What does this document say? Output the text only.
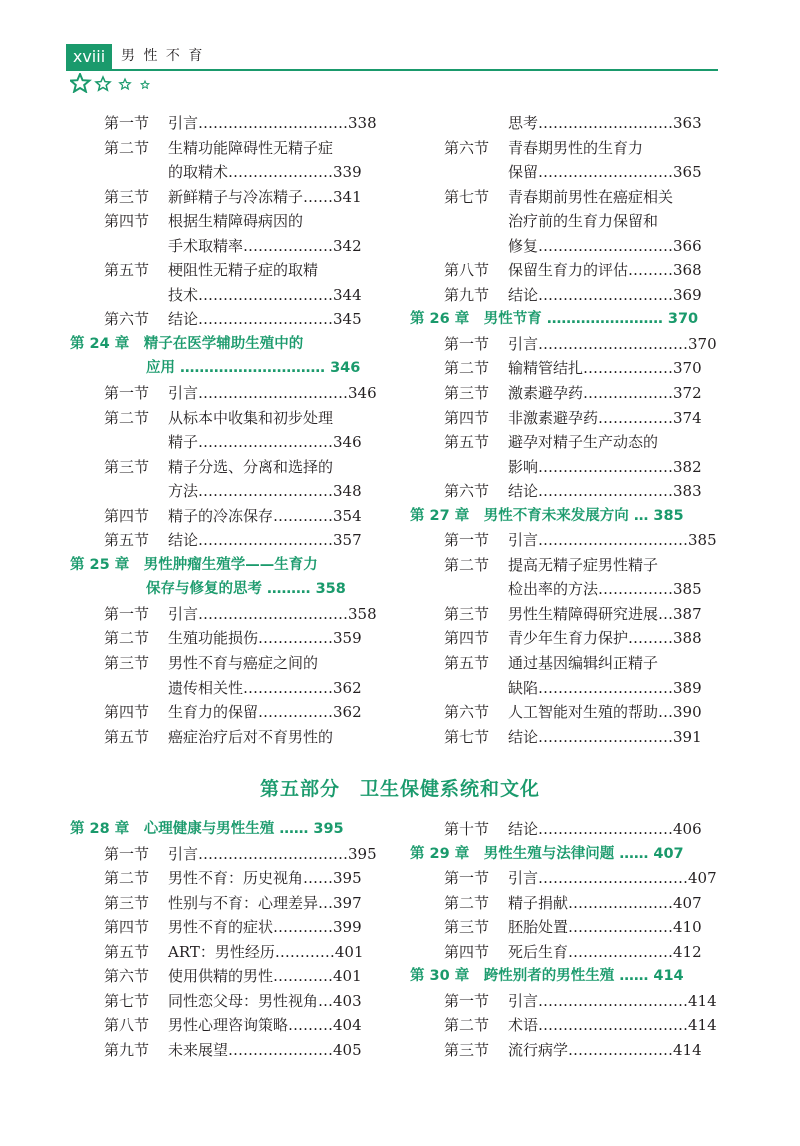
xviii	男 性 不 育
第一节 引言…………………………338
第二节 生精功能障碍性无精子症
的取精术…………………339
第三节 新鲜精子与冷冻精子……341
第四节 根据生精障碍病因的
手术取精率………………342
第五节 梗阻性无精子症的取精
技术………………………344
第六节 结论………………………345
第 24 章　精子在医学辅助生殖中的
应用 ………………………… 346
第一节 引言…………………………346
第二节 从标本中收集和初步处理
精子………………………346
第三节 精子分选、分离和选择的
方法………………………348
第四节 精子的冷冻保存…………354
第五节 结论………………………357
第 25 章　男性肿瘤生殖学——生育力
保存与修复的思考 ……… 358
第一节 引言…………………………358
第二节 生殖功能损伤……………359
第三节 男性不育与癌症之间的
遗传相关性………………362
第四节 生育力的保留……………362
第五节 癌症治疗后对不育男性的
思考………………………363
第六节 青春期男性的生育力
保留………………………365
第七节 青春期前男性在癌症相关
治疗前的生育力保留和
修复………………………366
第八节 保留生育力的评估………368
第九节 结论………………………369
第 26 章　男性节育 …………………… 370
第一节 引言…………………………370
第二节 输精管结扎………………370
第三节 激素避孕药………………372
第四节 非激素避孕药……………374
第五节 避孕对精子生产动态的
影响………………………382
第六节 结论………………………383
第 27 章　男性不育未来发展方向 … 385
第一节 引言…………………………385
第二节 提高无精子症男性精子
检出率的方法……………385
第三节 男性生精障碍研究进展…387
第四节 青少年生育力保护………388
第五节 通过基因编辑纠正精子
缺陷………………………389
第六节 人工智能对生殖的帮助…390
第七节 结论………………………391
第五部分　卫生保健系统和文化
第 28 章　心理健康与男性生殖 …… 395
第一节 引言…………………………395
第二节 男性不育：历史视角……395
第三节 性别与不育：心理差异…397
第四节 男性不育的症状…………399
第五节 ART：男性经历…………401
第六节 使用供精的男性…………401
第七节 同性恋父母：男性视角…403
第八节 男性心理咨询策略………404
第九节 未来展望…………………405
第十节 结论………………………406
第 29 章　男性生殖与法律问题 …… 407
第一节 引言…………………………407
第二节 精子捐献…………………407
第三节 胚胎处置…………………410
第四节 死后生育…………………412
第 30 章　跨性别者的男性生殖 …… 414
第一节 引言…………………………414
第二节 术语…………………………414
第三节 流行病学…………………414
